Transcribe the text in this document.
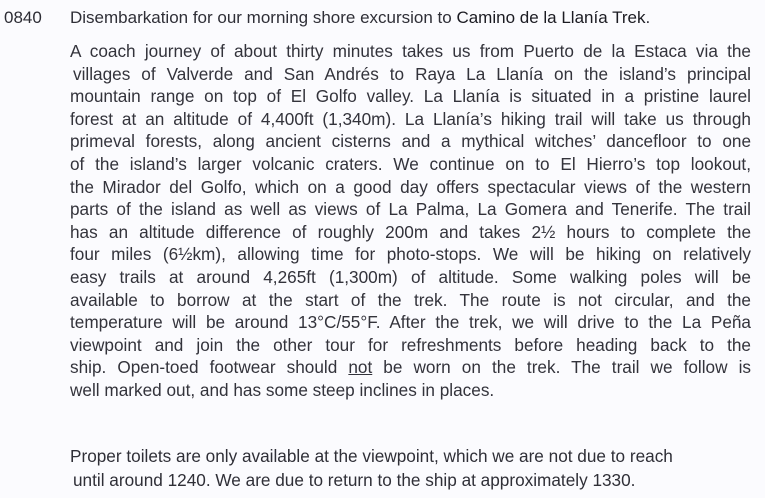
0840 Disembarkation for our morning shore excursion to Camino de la Llanía Trek.
A coach journey of about thirty minutes takes us from Puerto de la Estaca via the
villages of Valverde and San Andrés to Raya La Llanía on the island’s principal
mountain range on top of El Golfo valley. La Llanía is situated in a pristine laurel
forest at an altitude of 4,400ft (1,340m). La Llanía’s hiking trail will take us through
primeval forests, along ancient cisterns and a mythical witches’ dancefloor to one
of the island’s larger volcanic craters. We continue on to El Hierro’s top lookout,
the Mirador del Golfo, which on a good day offers spectacular views of the western
parts of the island as well as views of La Palma, La Gomera and Tenerife. The trail
has an altitude difference of roughly 200m and takes 2½ hours to complete the
four miles (6½km), allowing time for photo-stops. We will be hiking on relatively
easy trails at around 4,265ft (1,300m) of altitude. Some walking poles will be
available to borrow at the start of the trek. The route is not circular, and the
temperature will be around 13°C/55°F. After the trek, we will drive to the La Peña
viewpoint and join the other tour for refreshments before heading back to the
ship. Open-toed footwear should not be worn on the trek. The trail we follow is
well marked out, and has some steep inclines in places.
Proper toilets are only available at the viewpoint, which we are not due to reach
until around 1240. We are due to return to the ship at approximately 1330.
